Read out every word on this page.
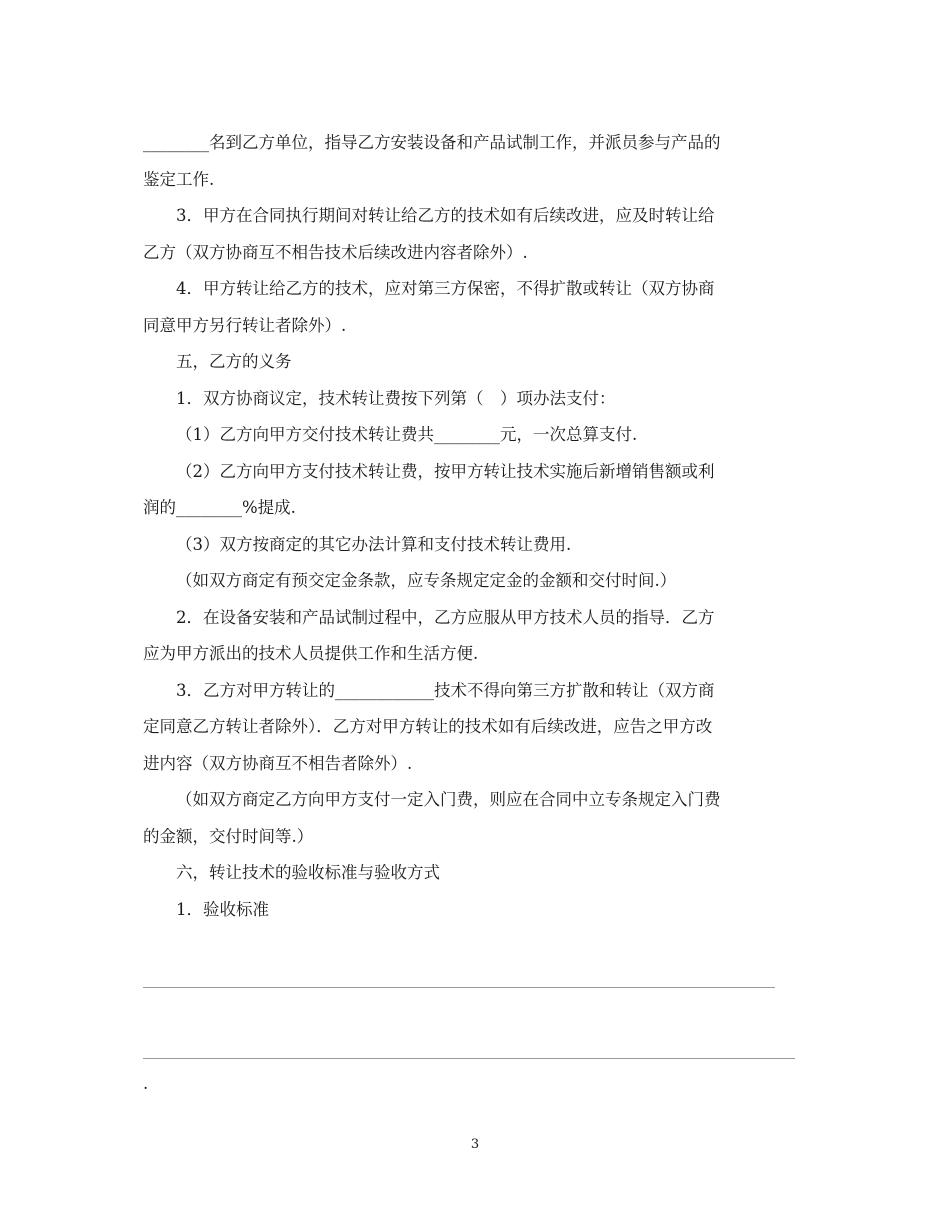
________名到乙方单位，指导乙方安装设备和产品试制工作，并派员参与产品的
鉴定工作.
3．甲方在合同执行期间对转让给乙方的技术如有后续改进，应及时转让给
乙方（双方协商互不相告技术后续改进内容者除外）.
4．甲方转让给乙方的技术，应对第三方保密，不得扩散或转让（双方协商
同意甲方另行转让者除外）.
五，乙方的义务
1．双方协商议定，技术转让费按下列第（　）项办法支付：
（1）乙方向甲方交付技术转让费共________元，一次总算支付.
（2）乙方向甲方支付技术转让费，按甲方转让技术实施后新增销售额或利
润的________%提成.
（3）双方按商定的其它办法计算和支付技术转让费用.
（如双方商定有预交定金条款，应专条规定定金的金额和交付时间.）
2．在设备安装和产品试制过程中，乙方应服从甲方技术人员的指导．乙方
应为甲方派出的技术人员提供工作和生活方便.
3．乙方对甲方转让的____________技术不得向第三方扩散和转让（双方商
定同意乙方转让者除外）．乙方对甲方转让的技术如有后续改进，应告之甲方改
进内容（双方协商互不相告者除外）.
（如双方商定乙方向甲方支付一定入门费，则应在合同中立专条规定入门费
的金额，交付时间等.）
六，转让技术的验收标准与验收方式
1．验收标准
.
3
